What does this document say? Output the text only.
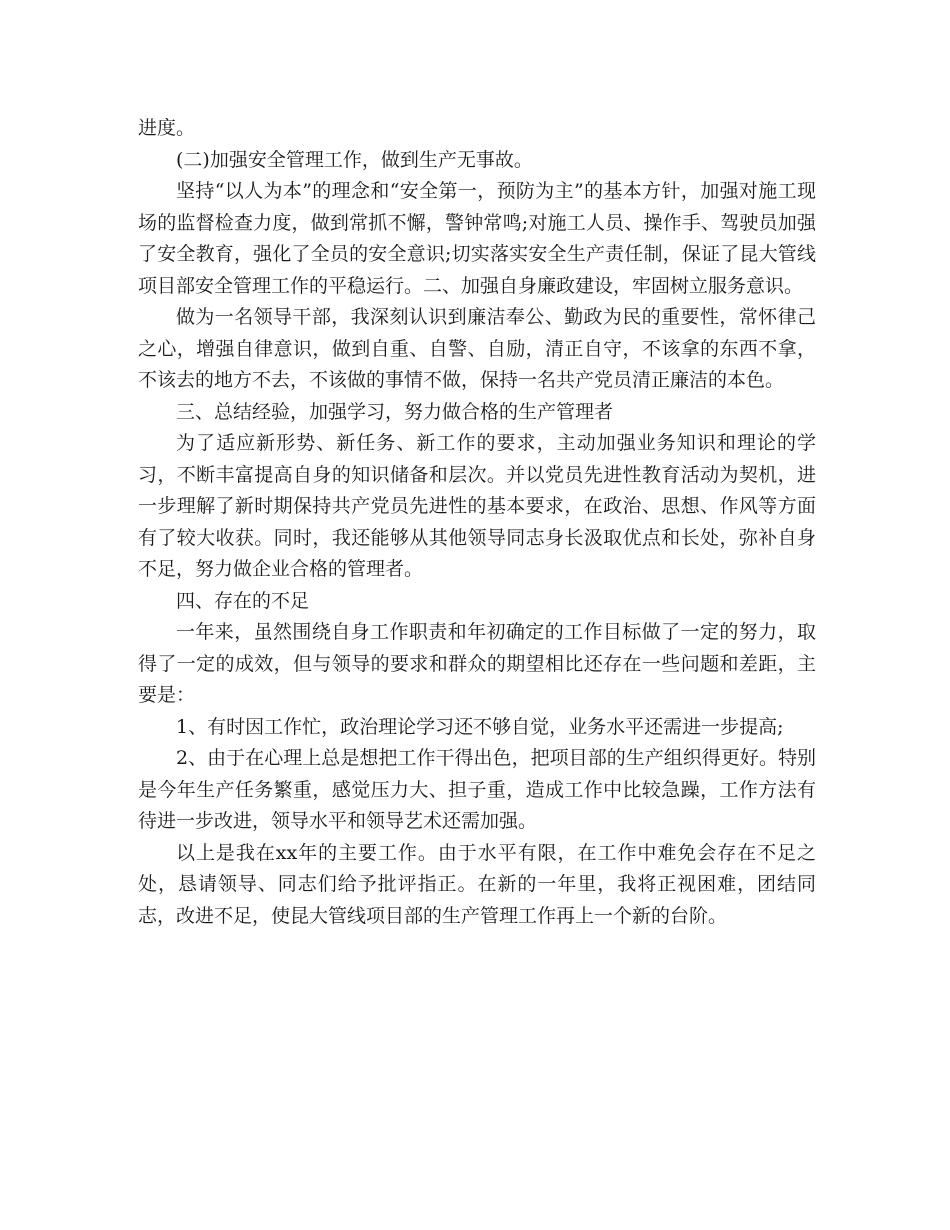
进度。

(二)加强安全管理工作，做到生产无事故。

坚持“以人为本”的理念和“安全第一，预防为主”的基本方针，加强对施工现场的监督检查力度，做到常抓不懈，警钟常鸣;对施工人员、操作手、驾驶员加强了安全教育，强化了全员的安全意识;切实落实安全生产责任制，保证了昆大管线项目部安全管理工作的平稳运行。二、加强自身廉政建设，牢固树立服务意识。

做为一名领导干部，我深刻认识到廉洁奉公、勤政为民的重要性，常怀律己之心，增强自律意识，做到自重、自警、自励，清正自守，不该拿的东西不拿，不该去的地方不去，不该做的事情不做，保持一名共产党员清正廉洁的本色。

三、总结经验，加强学习，努力做合格的生产管理者

为了适应新形势、新任务、新工作的要求，主动加强业务知识和理论的学习，不断丰富提高自身的知识储备和层次。并以党员先进性教育活动为契机，进一步理解了新时期保持共产党员先进性的基本要求，在政治、思想、作风等方面有了较大收获。同时，我还能够从其他领导同志身长汲取优点和长处，弥补自身不足，努力做企业合格的管理者。

四、存在的不足

一年来，虽然围绕自身工作职责和年初确定的工作目标做了一定的努力，取得了一定的成效，但与领导的要求和群众的期望相比还存在一些问题和差距，主要是：

1、有时因工作忙，政治理论学习还不够自觉，业务水平还需进一步提高;

2、由于在心理上总是想把工作干得出色，把项目部的生产组织得更好。特别是今年生产任务繁重，感觉压力大、担子重，造成工作中比较急躁，工作方法有待进一步改进，领导水平和领导艺术还需加强。

以上是我在xx年的主要工作。由于水平有限，在工作中难免会存在不足之处，恳请领导、同志们给予批评指正。在新的一年里，我将正视困难，团结同志，改进不足，使昆大管线项目部的生产管理工作再上一个新的台阶。
